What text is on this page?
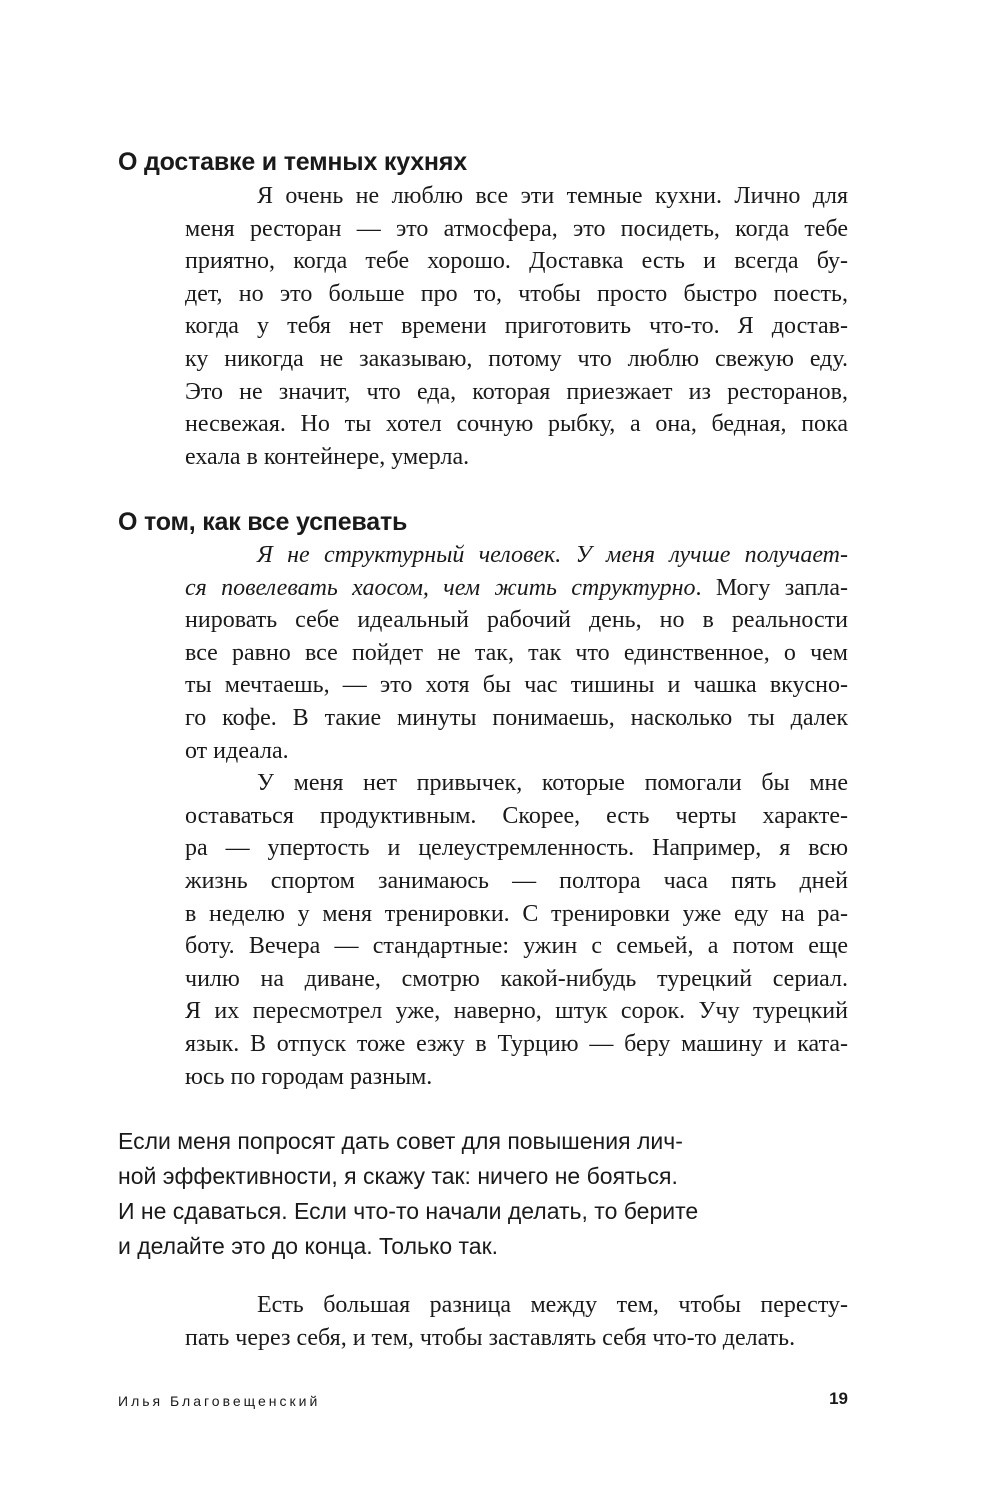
О доставке и темных кухнях
Я очень не люблю все эти темные кухни. Лично для
меня ресторан — это атмосфера, это посидеть, когда тебе
приятно, когда тебе хорошо. Доставка есть и всегда бу-
дет, но это больше про то, чтобы просто быстро поесть,
когда у тебя нет времени приготовить что-то. Я достав-
ку никогда не заказываю, потому что люблю свежую еду.
Это не значит, что еда, которая приезжает из ресторанов,
несвежая. Но ты хотел сочную рыбку, а она, бедная, пока
ехала в контейнере, умерла.
О том, как все успевать
Я не структурный человек. У меня лучше получает-
ся повелевать хаосом, чем жить структурно. Могу запла-
нировать себе идеальный рабочий день, но в реальности
все равно все пойдет не так, так что единственное, о чем
ты мечтаешь, — это хотя бы час тишины и чашка вкусно-
го кофе. В такие минуты понимаешь, насколько ты далек
от идеала.
У меня нет привычек, которые помогали бы мне
оставаться продуктивным. Скорее, есть черты характе-
ра — упертость и целеустремленность. Например, я всю
жизнь спортом занимаюсь — полтора часа пять дней
в неделю у меня тренировки. С тренировки уже еду на ра-
боту. Вечера — стандартные: ужин с семьей, а потом еще
чилю на диване, смотрю какой-нибудь турецкий сериал.
Я их пересмотрел уже, наверно, штук сорок. Учу турецкий
язык. В отпуск тоже езжу в Турцию — беру машину и ката-
юсь по городам разным.
Если меня попросят дать совет для повышения лич-
ной эффективности, я скажу так: ничего не бояться.
И не сдаваться. Если что-то начали делать, то берите
и делайте это до конца. Только так.
Есть большая разница между тем, чтобы пересту-
пать через себя, и тем, чтобы заставлять себя что-то делать.
Илья Благовещенский	19
